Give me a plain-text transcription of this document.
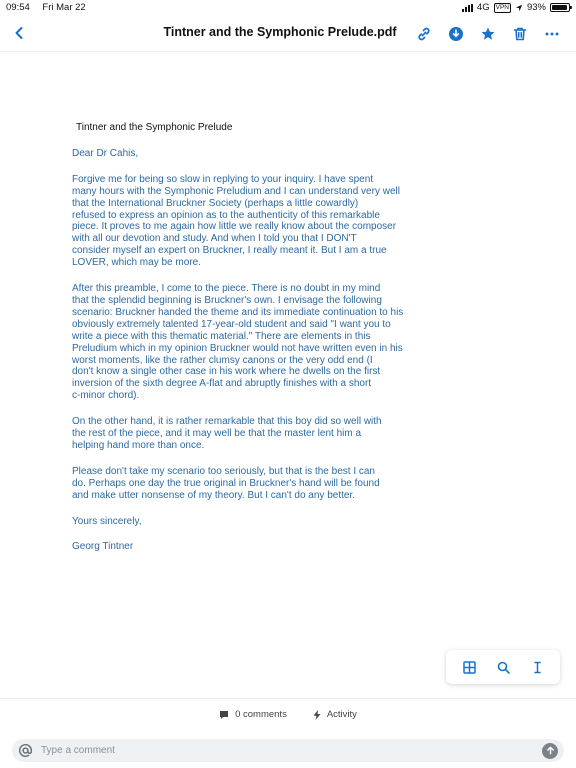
09:54 Fri Mar 22	4G VPN 93%
Tintner and the Symphonic Prelude.pdf
Tintner and the Symphonic Prelude

Dear Dr Cahis,

Forgive me for being so slow in replying to your inquiry. I have spent
many hours with the Symphonic Preludium and I can understand very well
that the International Bruckner Society (perhaps a little cowardly)
refused to express an opinion as to the authenticity of this remarkable
piece. It proves to me again how little we really know about the composer
with all our devotion and study. And when I told you that I DON'T
consider myself an expert on Bruckner, I really meant it. But I am a true
LOVER, which may be more.

After this preamble, I come to the piece. There is no doubt in my mind
that the splendid beginning is Bruckner's own. I envisage the following
scenario: Bruckner handed the theme and its immediate continuation to his
obviously extremely talented 17-year-old student and said "I want you to
write a piece with this thematic material." There are elements in this
Preludium which in my opinion Bruckner would not have written even in his
worst moments, like the rather clumsy canons or the very odd end (I
don't know a single other case in his work where he dwells on the first
inversion of the sixth degree A-flat and abruptly finishes with a short
c-minor chord).

On the other hand, it is rather remarkable that this boy did so well with
the rest of the piece, and it may well be that the master lent him a
helping hand more than once.

Please don't take my scenario too seriously, but that is the best I can
do. Perhaps one day the true original in Bruckner's hand will be found
and make utter nonsense of my theory. But I can't do any better.

Yours sincerely,

Georg Tintner

0 comments	Activity
Type a comment
